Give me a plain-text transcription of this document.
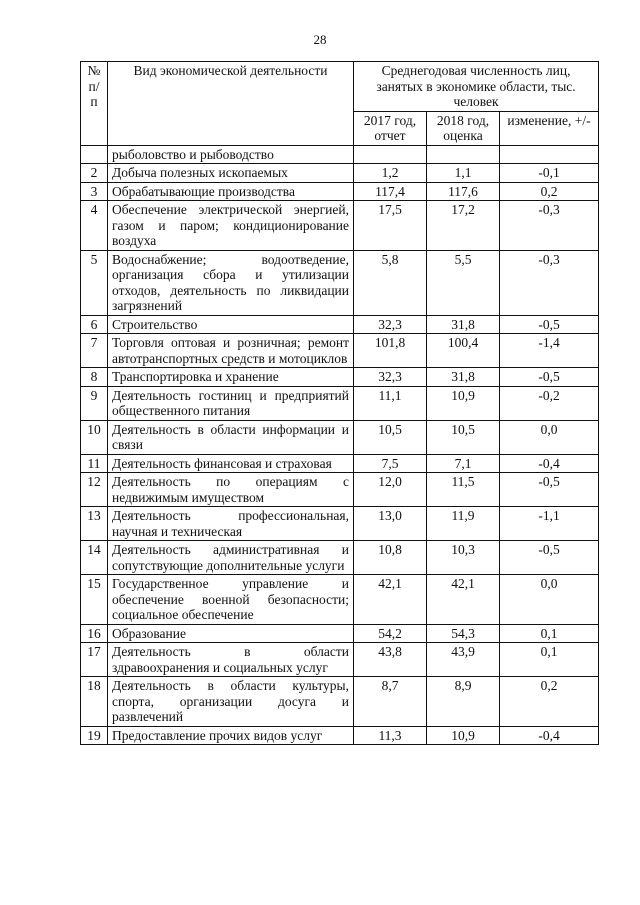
28
№ п/п	Вид экономической деятельности	Среднегодовая численность лиц, занятых в экономике области, тыс. человек		
		2017 год, отчет	2018 год, оценка	изменение, +/-
	рыболовство и рыбоводство			
2	Добыча полезных ископаемых	1,2	1,1	-0,1
3	Обрабатывающие производства	117,4	117,6	0,2
4	Обеспечение электрической энергией, газом и паром; кондиционирование воздуха	17,5	17,2	-0,3
5	Водоснабжение; водоотведение, организация сбора и утилизации отходов, деятельность по ликвидации загрязнений	5,8	5,5	-0,3
6	Строительство	32,3	31,8	-0,5
7	Торговля оптовая и розничная; ремонт автотранспортных средств и мотоциклов	101,8	100,4	-1,4
8	Транспортировка и хранение	32,3	31,8	-0,5
9	Деятельность гостиниц и предприятий общественного питания	11,1	10,9	-0,2
10	Деятельность в области информации и связи	10,5	10,5	0,0
11	Деятельность финансовая и страховая	7,5	7,1	-0,4
12	Деятельность по операциям с недвижимым имуществом	12,0	11,5	-0,5
13	Деятельность профессиональная, научная и техническая	13,0	11,9	-1,1
14	Деятельность административная и сопутствующие дополнительные услуги	10,8	10,3	-0,5
15	Государственное управление и обеспечение военной безопасности; социальное обеспечение	42,1	42,1	0,0
16	Образование	54,2	54,3	0,1
17	Деятельность в области здравоохранения и социальных услуг	43,8	43,9	0,1
18	Деятельность в области культуры, спорта, организации досуга и развлечений	8,7	8,9	0,2
19	Предоставление прочих видов услуг	11,3	10,9	-0,4
